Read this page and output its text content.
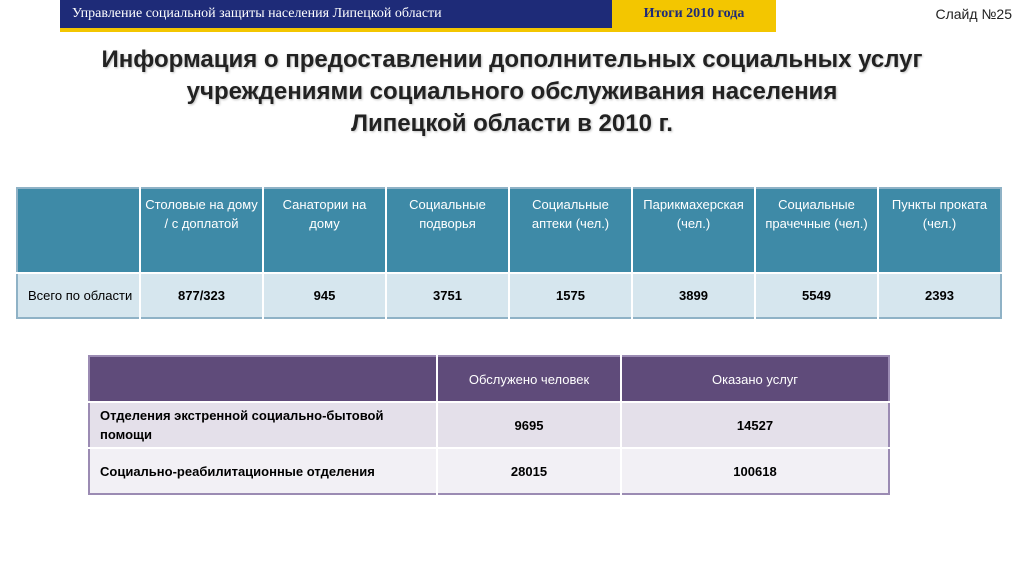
Управление социальной защиты населения Липецкой области	Итоги 2010 года	Слайд №25
Информация о предоставлении дополнительных социальных услуг
учреждениями социального обслуживания населения
Липецкой области в 2010 г.
	Столовые на дому / с доплатой	Санатории на дому	Социальные подворья	Социальные аптеки (чел.)	Парикмахерская (чел.)	Социальные прачечные (чел.)	Пункты проката (чел.)
Всего по области	877/323	945	3751	1575	3899	5549	2393
	Обслужено человек	Оказано услуг
Отделения экстренной социально-бытовой помощи	9695	14527
Социально-реабилитационные отделения	28015	100618
